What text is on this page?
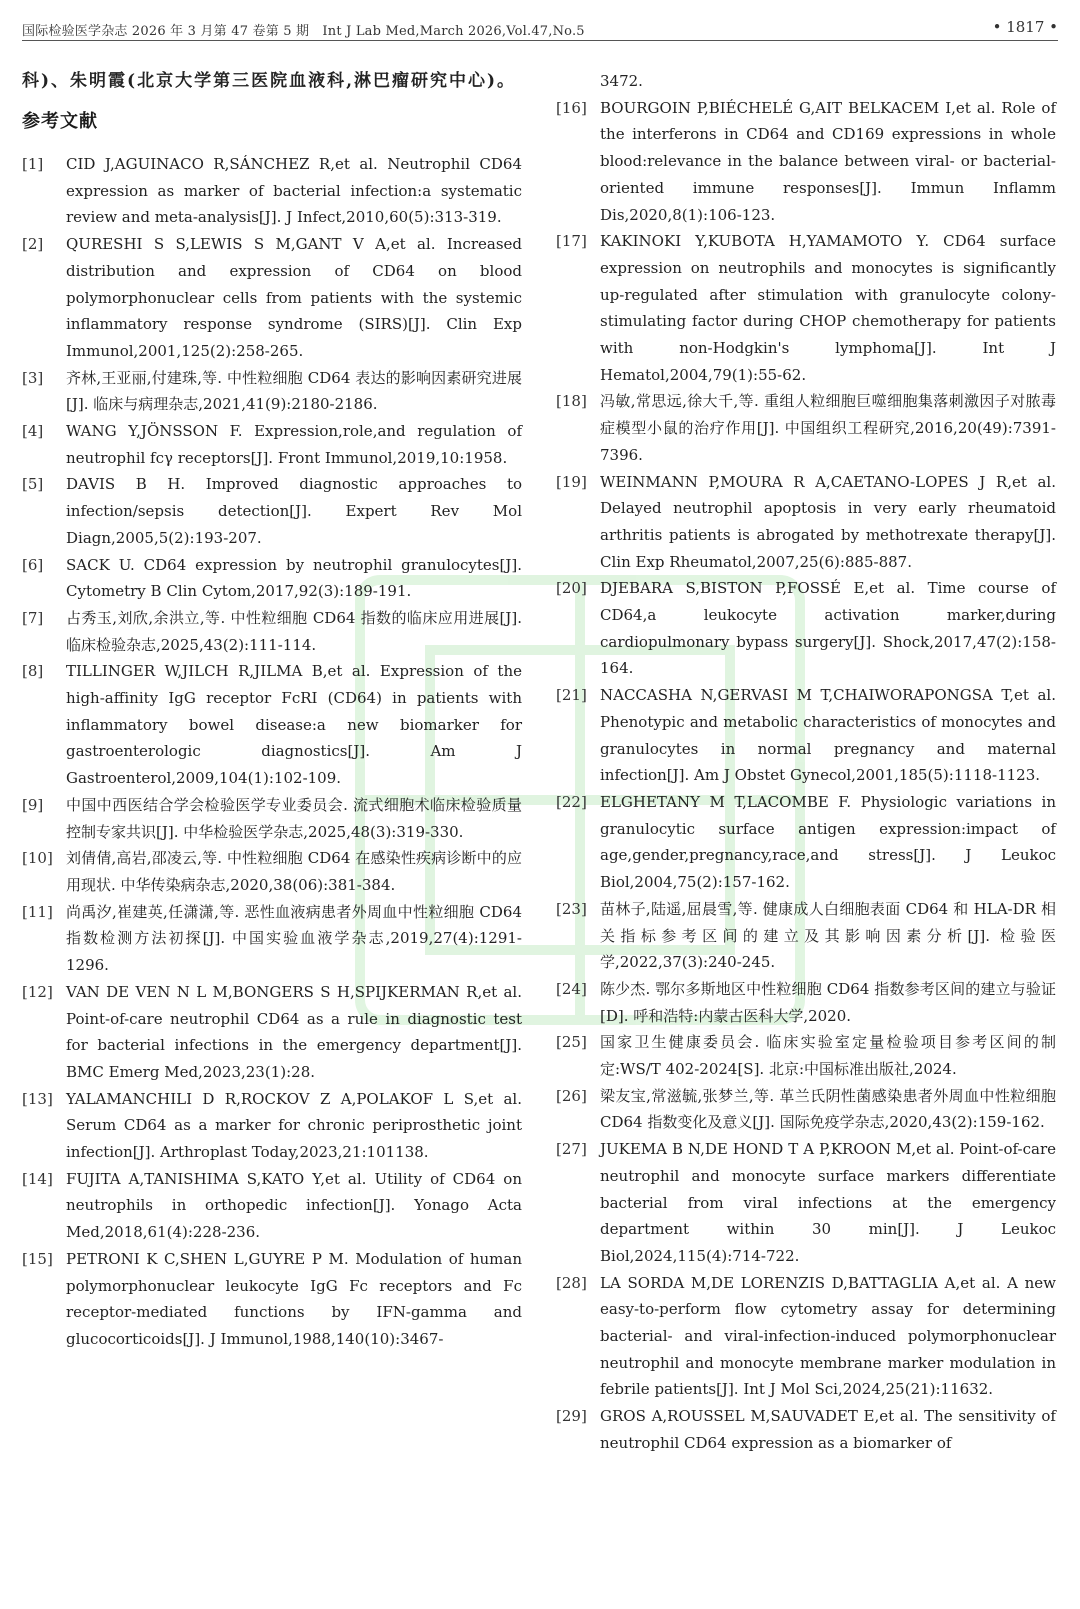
国际检验医学杂志 2026 年 3 月第 47 卷第 5 期　Int J Lab Med,March 2026,Vol.47,No.5	• 1817 •
科)、朱明霞(北京大学第三医院血液科,淋巴瘤研究中心)。
参考文献
[1]	CID J,AGUINACO R,SÁNCHEZ R,et al. Neutrophil CD64 expression as marker of bacterial infection:a systematic review and meta-analysis[J]. J Infect,2010,60(5):313-319.
[2]	QURESHI S S,LEWIS S M,GANT V A,et al. Increased distribution and expression of CD64 on blood polymorphonuclear cells from patients with the systemic inflammatory response syndrome (SIRS)[J]. Clin Exp Immunol,2001,125(2):258-265.
[3]	齐林,王亚丽,付建珠,等. 中性粒细胞 CD64 表达的影响因素研究进展[J]. 临床与病理杂志,2021,41(9):2180-2186.
[4]	WANG Y,JÖNSSON F. Expression,role,and regulation of neutrophil fcγ receptors[J]. Front Immunol,2019,10:1958.
[5]	DAVIS B H. Improved diagnostic approaches to infection/sepsis detection[J]. Expert Rev Mol Diagn,2005,5(2):193-207.
[6]	SACK U. CD64 expression by neutrophil granulocytes[J]. Cytometry B Clin Cytom,2017,92(3):189-191.
[7]	占秀玉,刘欣,余洪立,等. 中性粒细胞 CD64 指数的临床应用进展[J]. 临床检验杂志,2025,43(2):111-114.
[8]	TILLINGER W,JILCH R,JILMA B,et al. Expression of the high-affinity IgG receptor FcRI (CD64) in patients with inflammatory bowel disease:a new biomarker for gastroenterologic diagnostics[J]. Am J Gastroenterol,2009,104(1):102-109.
[9]	中国中西医结合学会检验医学专业委员会. 流式细胞术临床检验质量控制专家共识[J]. 中华检验医学杂志,2025,48(3):319-330.
[10] 刘倩倩,高岩,邵凌云,等. 中性粒细胞 CD64 在感染性疾病诊断中的应用现状. 中华传染病杂志,2020,38(06):381-384.
[11] 尚禹汐,崔建英,任潇潇,等. 恶性血液病患者外周血中性粒细胞 CD64 指数检测方法初探[J]. 中国实验血液学杂志,2019,27(4):1291-1296.
[12] VAN DE VEN N L M,BONGERS S H,SPIJKERMAN R,et al. Point-of-care neutrophil CD64 as a rule in diagnostic test for bacterial infections in the emergency department[J]. BMC Emerg Med,2023,23(1):28.
[13] YALAMANCHILI D R,ROCKOV Z A,POLAKOF L S,et al. Serum CD64 as a marker for chronic periprosthetic joint infection[J]. Arthroplast Today,2023,21:101138.
[14] FUJITA A,TANISHIMA S,KATO Y,et al. Utility of CD64 on neutrophils in orthopedic infection[J]. Yonago Acta Med,2018,61(4):228-236.
[15] PETRONI K C,SHEN L,GUYRE P M. Modulation of human polymorphonuclear leukocyte IgG Fc receptors and Fc receptor-mediated functions by IFN-gamma and glucocorticoids[J]. J Immunol,1988,140(10):3467-
3472.
[16] BOURGOIN P,BIÉCHELÉ G,AIT BELKACEM I,et al. Role of the interferons in CD64 and CD169 expressions in whole blood:relevance in the balance between viral- or bacterial-oriented immune responses[J]. Immun Inflamm Dis,2020,8(1):106-123.
[17] KAKINOKI Y,KUBOTA H,YAMAMOTO Y. CD64 surface expression on neutrophils and monocytes is significantly up-regulated after stimulation with granulocyte colony-stimulating factor during CHOP chemotherapy for patients with non-Hodgkin's lymphoma[J]. Int J Hematol,2004,79(1):55-62.
[18] 冯敏,常思远,徐大千,等. 重组人粒细胞巨噬细胞集落刺激因子对脓毒症模型小鼠的治疗作用[J]. 中国组织工程研究,2016,20(49):7391-7396.
[19] WEINMANN P,MOURA R A,CAETANO-LOPES J R,et al. Delayed neutrophil apoptosis in very early rheumatoid arthritis patients is abrogated by methotrexate therapy[J]. Clin Exp Rheumatol,2007,25(6):885-887.
[20] DJEBARA S,BISTON P,FOSSÉ E,et al. Time course of CD64,a leukocyte activation marker,during cardiopulmonary bypass surgery[J]. Shock,2017,47(2):158-164.
[21] NACCASHA N,GERVASI M T,CHAIWORAPONGSA T,et al. Phenotypic and metabolic characteristics of monocytes and granulocytes in normal pregnancy and maternal infection[J]. Am J Obstet Gynecol,2001,185(5):1118-1123.
[22] ELGHETANY M T,LACOMBE F. Physiologic variations in granulocytic surface antigen expression:impact of age,gender,pregnancy,race,and stress[J]. J Leukoc Biol,2004,75(2):157-162.
[23] 苗林子,陆遥,屈晨雪,等. 健康成人白细胞表面 CD64 和 HLA-DR 相关指标参考区间的建立及其影响因素分析[J]. 检验医学,2022,37(3):240-245.
[24] 陈少杰. 鄂尔多斯地区中性粒细胞 CD64 指数参考区间的建立与验证[D]. 呼和浩特:内蒙古医科大学,2020.
[25] 国家卫生健康委员会. 临床实验室定量检验项目参考区间的制定:WS/T 402-2024[S]. 北京:中国标准出版社,2024.
[26] 梁友宝,常滋毓,张梦兰,等. 革兰氏阴性菌感染患者外周血中性粒细胞 CD64 指数变化及意义[J]. 国际免疫学杂志,2020,43(2):159-162.
[27] JUKEMA B N,DE HOND T A P,KROON M,et al. Point-of-care neutrophil and monocyte surface markers differentiate bacterial from viral infections at the emergency department within 30 min[J]. J Leukoc Biol,2024,115(4):714-722.
[28] LA SORDA M,DE LORENZIS D,BATTAGLIA A,et al. A new easy-to-perform flow cytometry assay for determining bacterial- and viral-infection-induced polymorphonuclear neutrophil and monocyte membrane marker modulation in febrile patients[J]. Int J Mol Sci,2024,25(21):11632.
[29] GROS A,ROUSSEL M,SAUVADET E,et al. The sensitivity of neutrophil CD64 expression as a biomarker of
